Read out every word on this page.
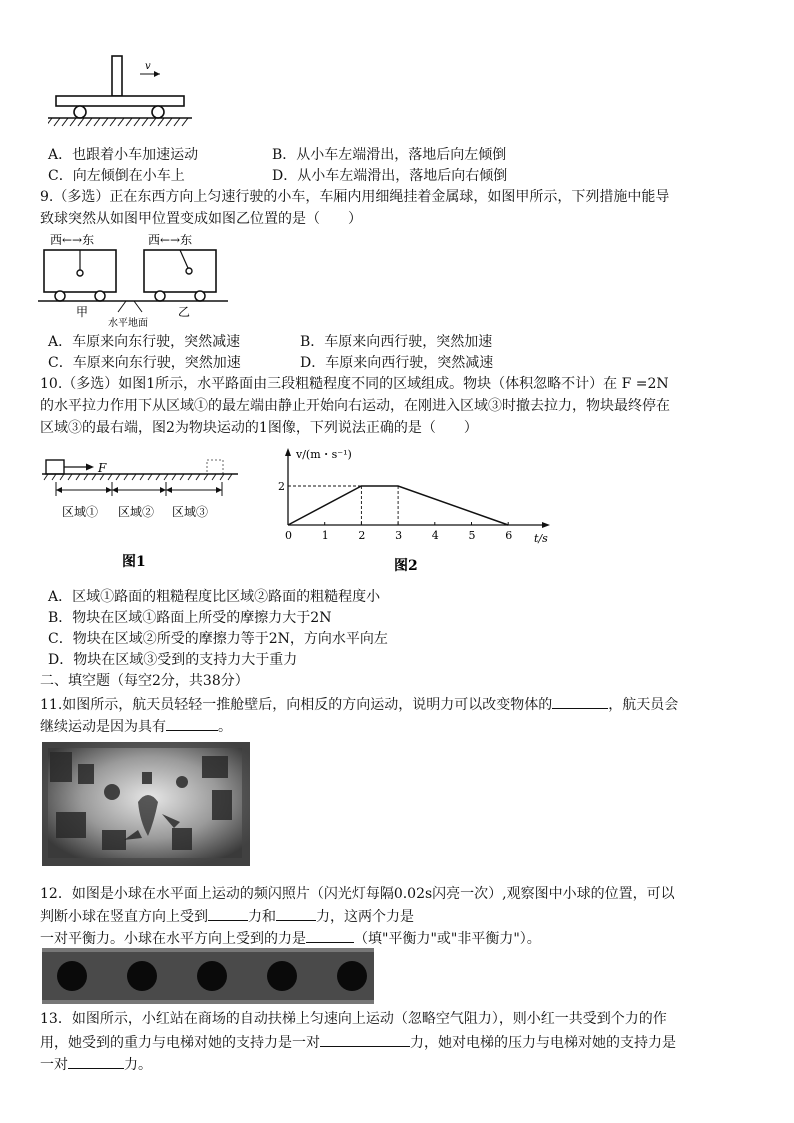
v
A．也跟着小车加速运动	B．从小车左端滑出，落地后向左倾倒
C．向左倾倒在小车上	D．从小车左端滑出，落地后向右倾倒
9.（多选）正在东西方向上匀速行驶的小车，车厢内用细绳挂着金属球，如图甲所示，下列措施中能导
致球突然从如图甲位置变成如图乙位置的是（　　）
西←→东	西←→东
甲	乙
水平地面
A．车原来向东行驶，突然减速	B．车原来向西行驶，突然加速
C．车原来向东行驶，突然加速	D．车原来向西行驶，突然减速
10.（多选）如图1所示，水平路面由三段粗糙程度不同的区域组成。物块（体积忽略不计）在 F =2N
的水平拉力作用下从区域①的最左端由静止开始向右运动，在刚进入区域③时撤去拉力，物块最终停在
区域③的最右端，图2为物块运动的1图像，下列说法正确的是（　　）
F
区域① 区域② 区域③
图1
v/(m・s⁻¹)
t/s
0	1	2	3	4	5	6
2
图2
A．区域①路面的粗糙程度比区域②路面的粗糙程度小
B．物块在区域①路面上所受的摩擦力大于2N
C．物块在区域②所受的摩擦力等于2N，方向水平向左
D．物块在区域③受到的支持力大于重力
二、填空题（每空2分，共38分）
11.如图所示，航天员轻轻一推舱壁后，向相反的方向运动，说明力可以改变物体的	，航天员会
继续运动是因为具有	。
12．如图是小球在水平面上运动的频闪照片（闪光灯每隔0.02s闪亮一次）,观察图中小球的位置，可以
判断小球在竖直方向上受到	力和	力，这两个力是
一对平衡力。小球在水平方向上受到的力是	（填"平衡力"或"非平衡力"）。
13．如图所示，小红站在商场的自动扶梯上匀速向上运动（忽略空气阻力），则小红一共受到个力的作
用，她受到的重力与电梯对她的支持力是一对	力，她对电梯的压力与电梯对她的支持力是
一对	力。
